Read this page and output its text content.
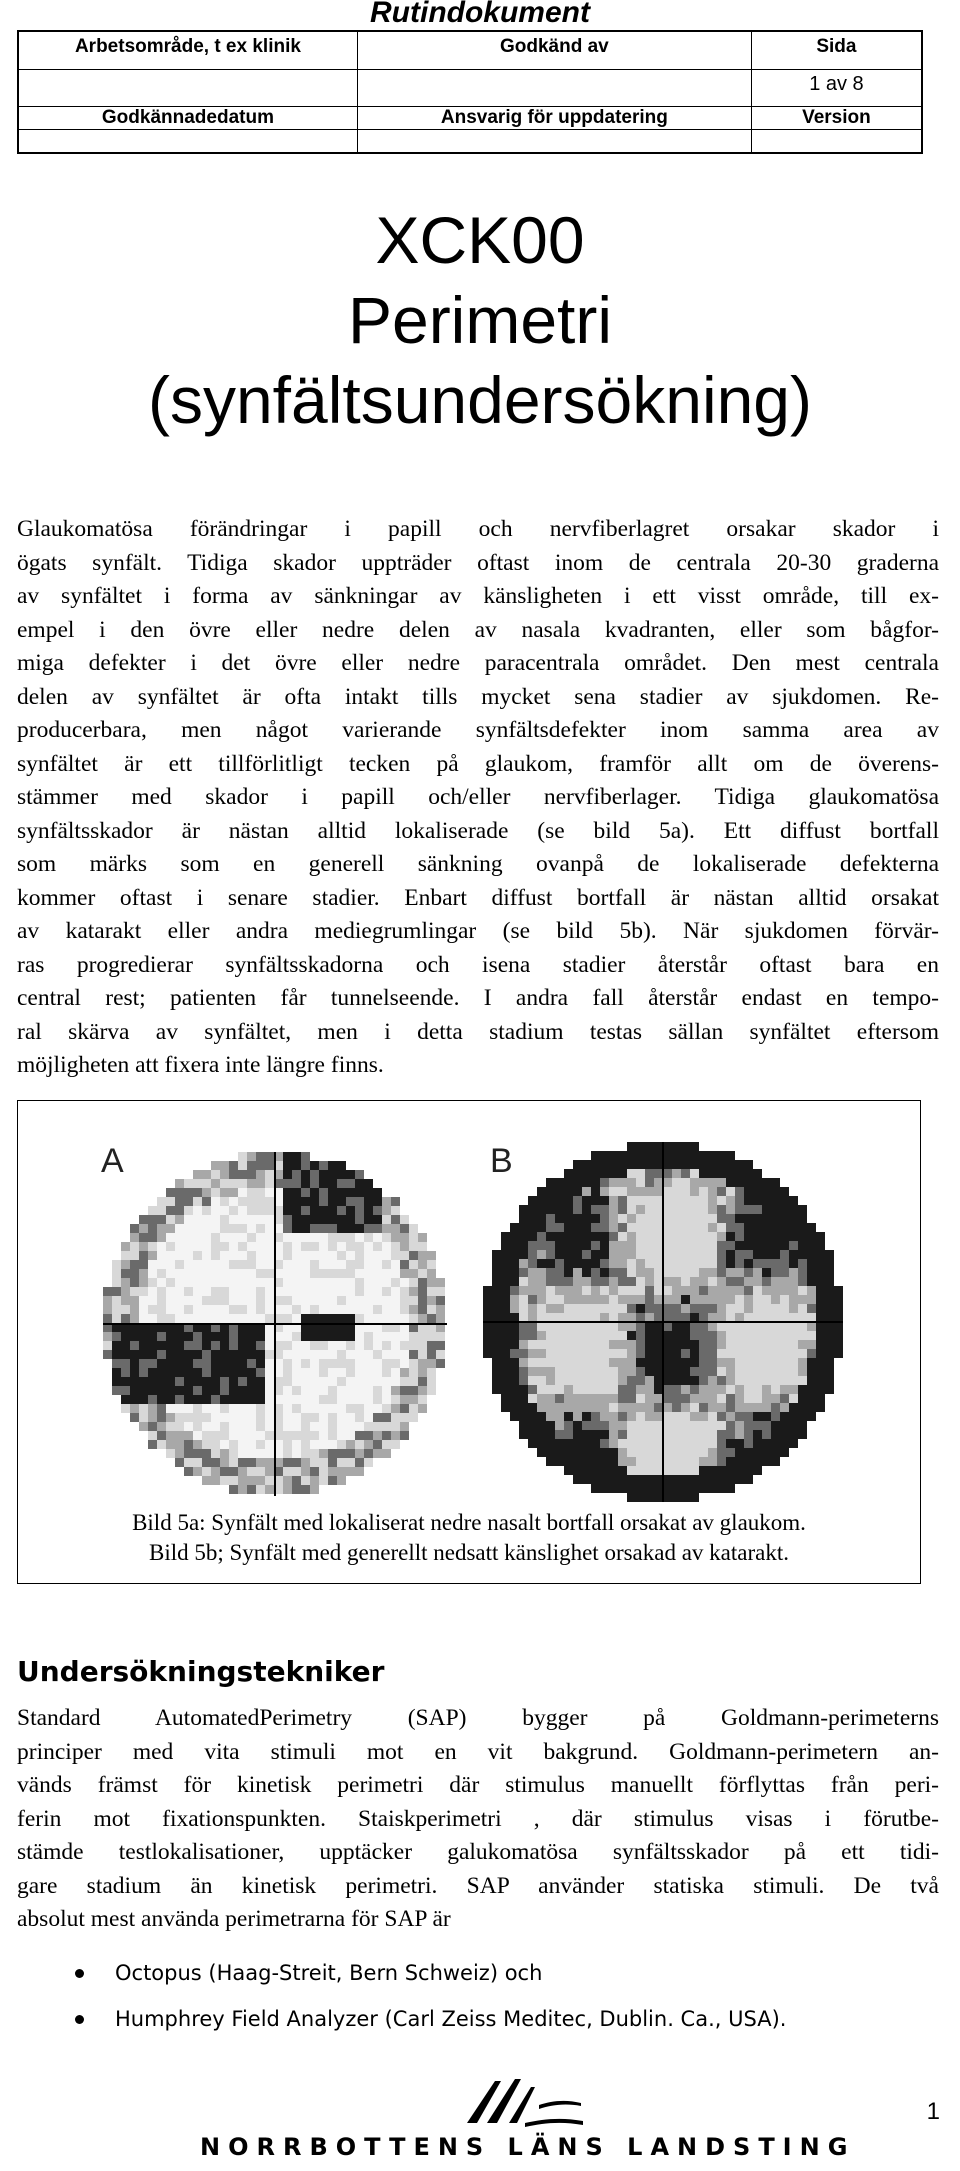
Rutindokument
Arbetsområde, t ex klinik	Godkänd av	Sida
		1 av 8
Godkännadedatum	Ansvarig för uppdatering	Version

XCK00
Perimetri
(synfältsundersökning)
Glaukomatösa förändringar i papill och nervfiberlagret orsakar skador i
ögats synfält. Tidiga skador uppträder oftast inom de centrala 20-30 graderna
av synfältet i forma av sänkningar av känsligheten i ett visst område, till ex-
empel i den övre eller nedre delen av nasala kvadranten, eller som bågfor-
miga defekter i det övre eller nedre paracentrala området. Den mest centrala
delen av synfältet är ofta intakt tills mycket sena stadier av sjukdomen. Re-
producerbara, men något varierande synfältsdefekter inom samma area av
synfältet är ett tillförlitligt tecken på glaukom, framför allt om de överens-
stämmer med skador i papill och/eller nervfiberlager. Tidiga glaukomatösa
synfältsskador är nästan alltid lokaliserade (se bild 5a). Ett diffust bortfall
som märks som en generell sänkning ovanpå de lokaliserade defekterna
kommer oftast i senare stadier. Enbart diffust bortfall är nästan alltid orsakat
av katarakt eller andra mediegrumlingar (se bild 5b). När sjukdomen förvär-
ras progredierar synfältsskadorna och isena stadier återstår oftast bara en
central rest; patienten får tunnelseende. I andra fall återstår endast en tempo-
ral skärva av synfältet, men i detta stadium testas sällan synfältet eftersom
möjligheten att fixera inte längre finns.
A	B
Bild 5a: Synfält med lokaliserat nedre nasalt bortfall orsakat av glaukom.
Bild 5b; Synfält med generellt nedsatt känslighet orsakad av katarakt.
Undersökningstekniker
Standard AutomatedPerimetry (SAP) bygger på Goldmann-perimeterns
principer med vita stimuli mot en vit bakgrund. Goldmann-perimetern an-
vänds främst för kinetisk perimetri där stimulus manuellt förflyttas från peri-
ferin mot fixationspunkten. Staiskperimetri , där stimulus visas i förutbe-
stämde testlokalisationer, upptäcker galukomatösa synfältsskador på ett tidi-
gare stadium än kinetisk perimetri. SAP använder statiska stimuli. De två
absolut mest använda perimetrarna för SAP är
Octopus (Haag-Streit, Bern Schweiz) och
Humphrey Field Analyzer (Carl Zeiss Meditec, Dublin. Ca., USA).
NORRBOTTENS LÄNS LANDSTING
1
